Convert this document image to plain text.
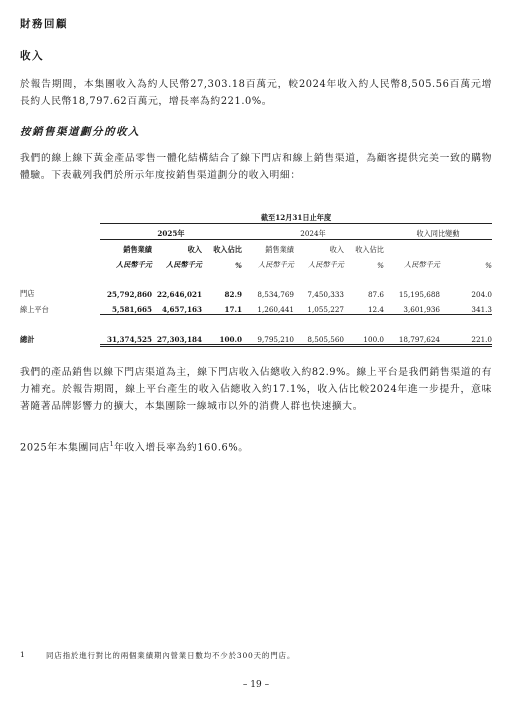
財務回顧
收入
於報告期間，本集團收入為約人民幣27,303.18百萬元，較2024年收入約人民幣8,505.56百萬元增長約人民幣18,797.62百萬元，增長率為約221.0%。
按銷售渠道劃分的收入
我們的線上線下黃金產品零售一體化結構結合了線下門店和線上銷售渠道，為顧客提供完美一致的購物體驗。下表載列我們於所示年度按銷售渠道劃分的收入明細：
	截至12月31日止年度							
	2025年			2024年			收入同比變動	
	銷售業績	收入	收入佔比	銷售業績	收入	收入佔比		
	人民幣千元	人民幣千元	%	人民幣千元	人民幣千元	%	人民幣千元	%

門店	25,792,860	22,646,021	82.9	8,534,769	7,450,333	87.6	15,195,688	204.0
線上平台	5,581,665	4,657,163	17.1	1,260,441	1,055,227	12.4	3,601,936	341.3

總計	31,374,525	27,303,184	100.0	9,795,210	8,505,560	100.0	18,797,624	221.0
我們的產品銷售以線下門店渠道為主，線下門店收入佔總收入約82.9%。線上平台是我們銷售渠道的有力補充。於報告期間，線上平台產生的收入佔總收入約17.1%，收入佔比較2024年進一步提升，意味著隨著品牌影響力的擴大，本集團除一線城市以外的消費人群也快速擴大。
2025年本集團同店$^1$年收入增長率為約160.6%。
1	同店指於進行對比的兩個業績期內營業日數均不少於300天的門店。
– 19 –
